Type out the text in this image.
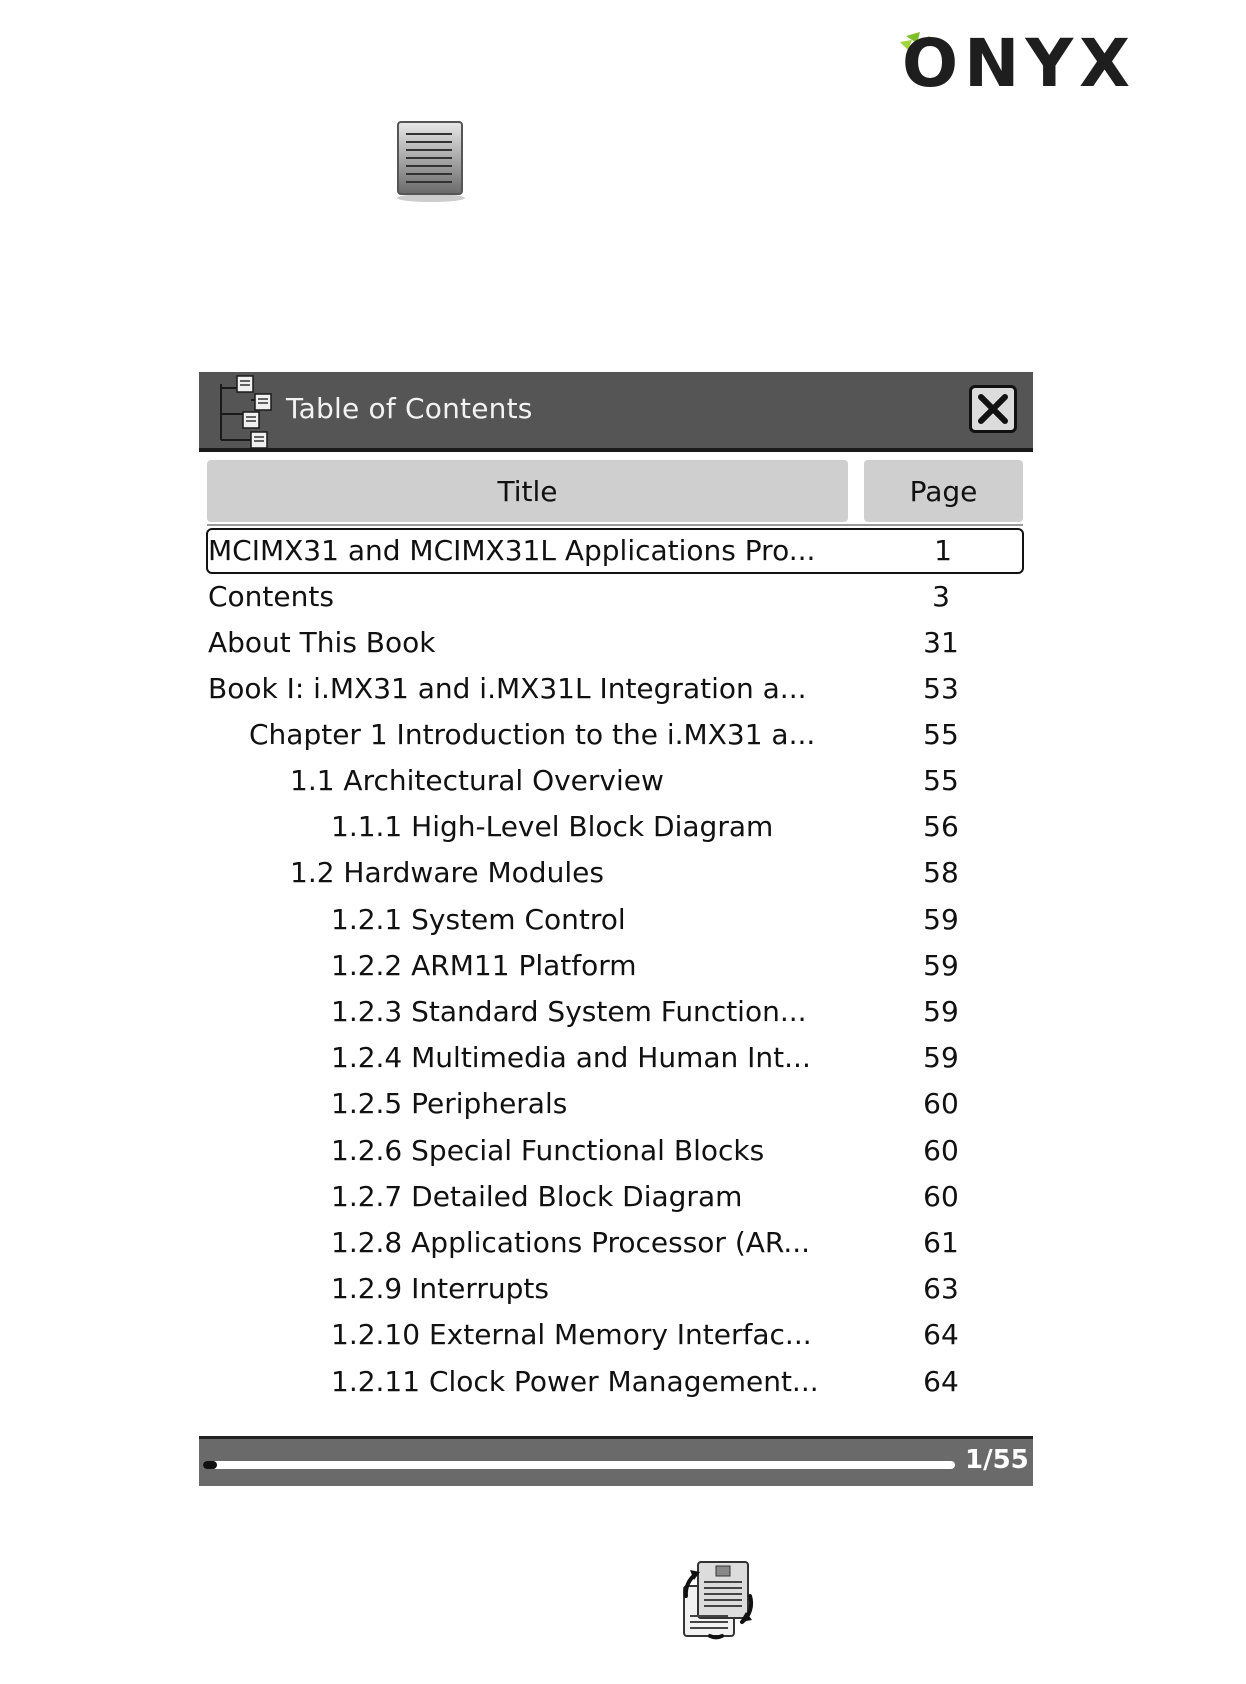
ONYX
Table of Contents
Title	Page
MCIMX31 and MCIMX31L Applications Pro...	1
Contents	3
About This Book	31
Book I: i.MX31 and i.MX31L Integration a...	53
Chapter 1 Introduction to the i.MX31 a...	55
1.1 Architectural Overview	55
1.1.1 High-Level Block Diagram	56
1.2 Hardware Modules	58
1.2.1 System Control	59
1.2.2 ARM11 Platform	59
1.2.3 Standard System Function...	59
1.2.4 Multimedia and Human Int...	59
1.2.5 Peripherals	60
1.2.6 Special Functional Blocks	60
1.2.7 Detailed Block Diagram	60
1.2.8 Applications Processor (AR...	61
1.2.9 Interrupts	63
1.2.10 External Memory Interfac...	64
1.2.11 Clock Power Management...	64
1/55
